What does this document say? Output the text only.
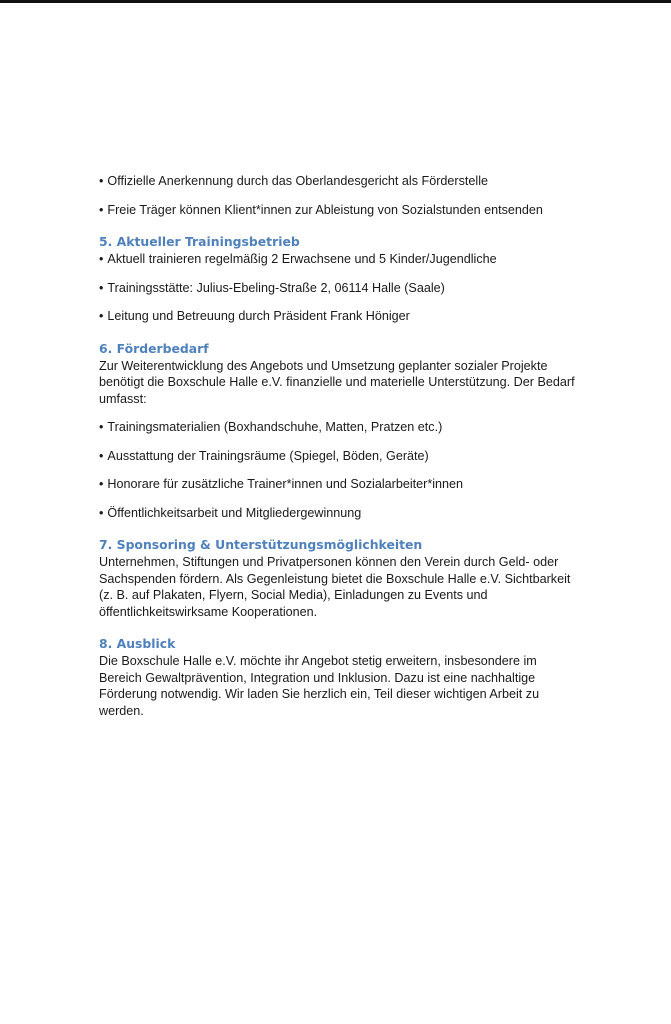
• Offizielle Anerkennung durch das Oberlandesgericht als Förderstelle
• Freie Träger können Klient*innen zur Ableistung von Sozialstunden entsenden
5. Aktueller Trainingsbetrieb
• Aktuell trainieren regelmäßig 2 Erwachsene und 5 Kinder/Jugendliche
• Trainingsstätte: Julius-Ebeling-Straße 2, 06114 Halle (Saale)
• Leitung und Betreuung durch Präsident Frank Höniger
6. Förderbedarf
Zur Weiterentwicklung des Angebots und Umsetzung geplanter sozialer Projekte benötigt die Boxschule Halle e.V. finanzielle und materielle Unterstützung. Der Bedarf umfasst:
• Trainingsmaterialien (Boxhandschuhe, Matten, Pratzen etc.)
• Ausstattung der Trainingsräume (Spiegel, Böden, Geräte)
• Honorare für zusätzliche Trainer*innen und Sozialarbeiter*innen
• Öffentlichkeitsarbeit und Mitgliedergewinnung
7. Sponsoring & Unterstützungsmöglichkeiten
Unternehmen, Stiftungen und Privatpersonen können den Verein durch Geld- oder Sachspenden fördern. Als Gegenleistung bietet die Boxschule Halle e.V. Sichtbarkeit (z. B. auf Plakaten, Flyern, Social Media), Einladungen zu Events und öffentlichkeitswirksame Kooperationen.
8. Ausblick
Die Boxschule Halle e.V. möchte ihr Angebot stetig erweitern, insbesondere im Bereich Gewaltprävention, Integration und Inklusion. Dazu ist eine nachhaltige Förderung notwendig. Wir laden Sie herzlich ein, Teil dieser wichtigen Arbeit zu werden.
